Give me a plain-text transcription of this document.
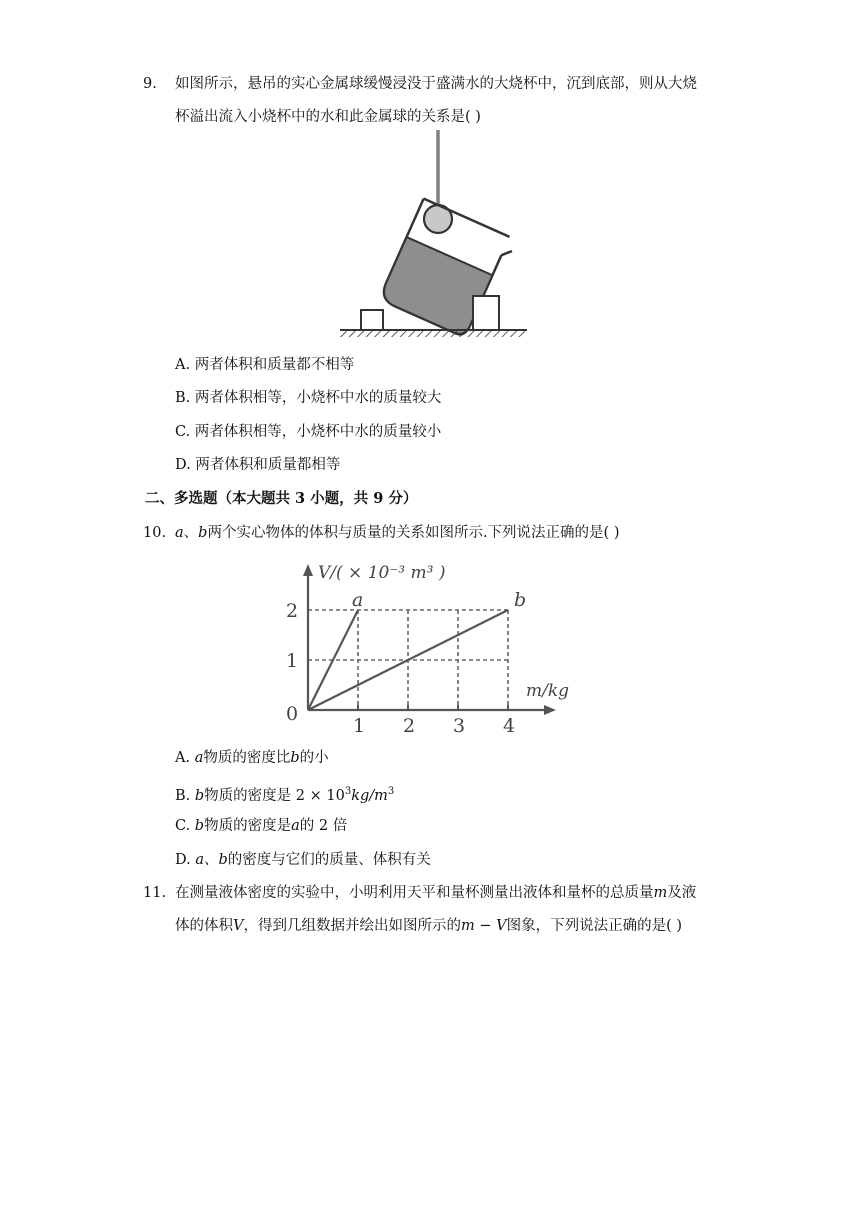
9. 如图所示，悬吊的实心金属球缓慢浸没于盛满水的大烧杯中，沉到底部，则从大烧
杯溢出流入小烧杯中的水和此金属球的关系是( )
A. 两者体积和质量都不相等
B. 两者体积相等，小烧杯中水的质量较大
C. 两者体积相等，小烧杯中水的质量较小
D. 两者体积和质量都相等
二、多选题（本大题共 3 小题，共 9 分）
10. a、b两个实心物体的体积与质量的关系如图所示.下列说法正确的是( )
a	b
1 2 3 4
1
2
0
m/kg
V/( × 10⁻³ m³ )
A. a物质的密度比b的小
B. b物质的密度是 $2 \times 10^3kg/m^3$
C. b物质的密度是a的 2 倍
D. a、b的密度与它们的质量、体积有关
11. 在测量液体密度的实验中，小明利用天平和量杯测量出液体和量杯的总质量m及液
体的体积V，得到几组数据并绘出如图所示的m − V图象，下列说法正确的是( )
